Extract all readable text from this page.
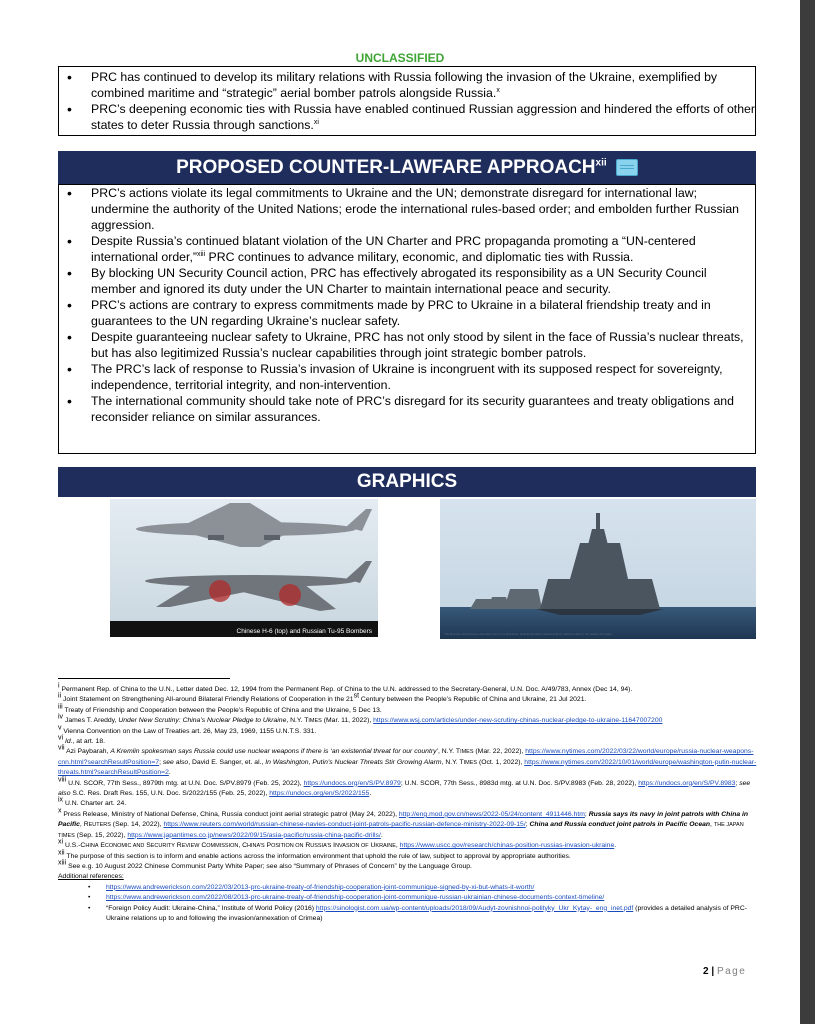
UNCLASSIFIED
• PRC has continued to develop its military relations with Russia following the invasion of the Ukraine, exemplified by combined maritime and “strategic” aerial bomber patrols alongside Russia.$^x$
• PRC’s deepening economic ties with Russia have enabled continued Russian aggression and hindered the efforts of other states to deter Russia through sanctions.$^{xi}$
PROPOSED COUNTER-LAWFARE APPROACH$^{xii}$
• PRC’s actions violate its legal commitments to Ukraine and the UN; demonstrate disregard for international law; undermine the authority of the United Nations; erode the international rules-based order; and embolden further Russian aggression.
• Despite Russia’s continued blatant violation of the UN Charter and PRC propaganda promoting a “UN-centered international order,”$^{xiii}$ PRC continues to advance military, economic, and diplomatic ties with Russia.
• By blocking UN Security Council action, PRC has effectively abrogated its responsibility as a UN Security Council member and ignored its duty under the UN Charter to maintain international peace and security.
• PRC’s actions are contrary to express commitments made by PRC to Ukraine in a bilateral friendship treaty and in guarantees to the UN regarding Ukraine’s nuclear safety.
• Despite guaranteeing nuclear safety to Ukraine, PRC has not only stood by silent in the face of Russia’s nuclear threats, but has also legitimized Russia’s nuclear capabilities through joint strategic bomber patrols.
• The PRC’s lack of response to Russia’s invasion of Ukraine is incongruent with its supposed respect for sovereignty, independence, territorial integrity, and non-intervention.
• The international community should take note of PRC’s disregard for its security guarantees and treaty obligations and reconsider reliance on similar assurances.
GRAPHICS
Chinese H-6 (top) and Russian Tu-95 Bombers	The Russian and Chinese warships move in a practiced, tactical formation ahead of their maritime drills in the waters off Japan.

$^i$ Permanent Rep. of China to the U.N., Letter dated Dec. 12, 1994 from the Permanent Rep. of China to the U.N. addressed to the Secretary-General, U.N. Doc. A/49/783, Annex (Dec 14, 94).

$^{ii}$ Joint Statement on Strengthening All-around Bilateral Friendly Relations of Cooperation in the 21st Century between the People’s Republic of China and Ukraine, 21 Jul 2021.

$^{iii}$ Treaty of Friendship and Cooperation between the People’s Republic of China and the Ukraine, 5 Dec 13.

$^{iv}$ James T. Areddy, Under New Scrutiny: China’s Nuclear Pledge to Ukraine, N.Y. TIMES (Mar. 11, 2022), https://www.wsj.com/articles/under-new-scrutiny-chinas-nuclear-pledge-to-ukraine-11647007200

$^v$ Vienna Convention on the Law of Treaties art. 26, May 23, 1969, 1155 U.N.T.S. 331.

$^{vi}$ Id., at art. 18.

$^{vii}$ Azi Paybarah, A Kremlin spokesman says Russia could use nuclear weapons if there is ‘an existential threat for our country’, N.Y. TIMES (Mar. 22, 2022), https://www.nytimes.com/2022/03/22/world/europe/russia-nuclear-weapons-cnn.html?searchResultPosition=7; see also, David E. Sanger, et. al., In Washington, Putin’s Nuclear Threats Stir Growing Alarm, N.Y. TIMES (Oct. 1, 2022), https://www.nytimes.com/2022/10/01/world/europe/washington-putin-nuclear-threats.html?searchResultPosition=2.

$^{viii}$ U.N. SCOR, 77th Sess., 8979th mtg. at U.N. Doc. S/PV.8979 (Feb. 25, 2022), https://undocs.org/en/S/PV.8979; U.N. SCOR, 77th Sess., 8983d mtg. at U.N. Doc. S/PV.8983 (Feb. 28, 2022), https://undocs.org/en/S/PV.8983; see also S.C. Res. Draft Res. 155, U.N. Doc. S/2022/155 (Feb. 25, 2022), https://undocs.org/en/S/2022/155.

$^{ix}$ U.N. Charter art. 24.

$^x$ Press Release, Ministry of National Defense, China, Russia conduct joint aerial strategic patrol (May 24, 2022), http://eng.mod.gov.cn/news/2022-05/24/content_4911446.htm; Russia says its navy in joint patrols with China in Pacific, REUTERS (Sep. 14, 2022), https://www.reuters.com/world/russian-chinese-navies-conduct-joint-patrols-pacific-russian-defence-ministry-2022-09-15/; China and Russia conduct joint patrols in Pacific Ocean, THE JAPAN TIMES (Sep. 15, 2022), https://www.japantimes.co.jp/news/2022/09/15/asia-pacific/russia-china-pacific-drills/.

$^{xi}$ U.S.-CHINA ECONOMIC AND SECURITY REVIEW COMMISSION, CHINA’S POSITION ON RUSSIA’S INVASION OF UKRAINE, https://www.uscc.gov/research/chinas-position-russias-invasion-ukraine.

$^{xii}$ The purpose of this section is to inform and enable actions across the information environment that uphold the rule of law, subject to approval by appropriate authorities.

$^{xiii}$ See e.g. 10 August 2022 Chinese Communist Party White Paper; see also “Summary of Phrases of Concern” by the Language Group.

Additional references:

• https://www.andrewerickson.com/2022/03/2013-prc-ukraine-treaty-of-friendship-cooperation-joint-communique-signed-by-xi-but-whats-it-worth/
• https://www.andrewerickson.com/2022/08/2013-prc-ukraine-treaty-of-friendship-cooperation-joint-communique-russian-ukrainian-chinese-documents-context-timeline/
• “Foreign Policy Audit: Ukraine-China,” Institute of World Policy (2016) https://sinologist.com.ua/wp-content/uploads/2018/09/Audyt-zovnishnoi-polityky_Ukr_Kytay-_eng_inet.pdf (provides a detailed analysis of PRC-Ukraine relations up to and following the invasion/annexation of Crimea)
2 | Page
